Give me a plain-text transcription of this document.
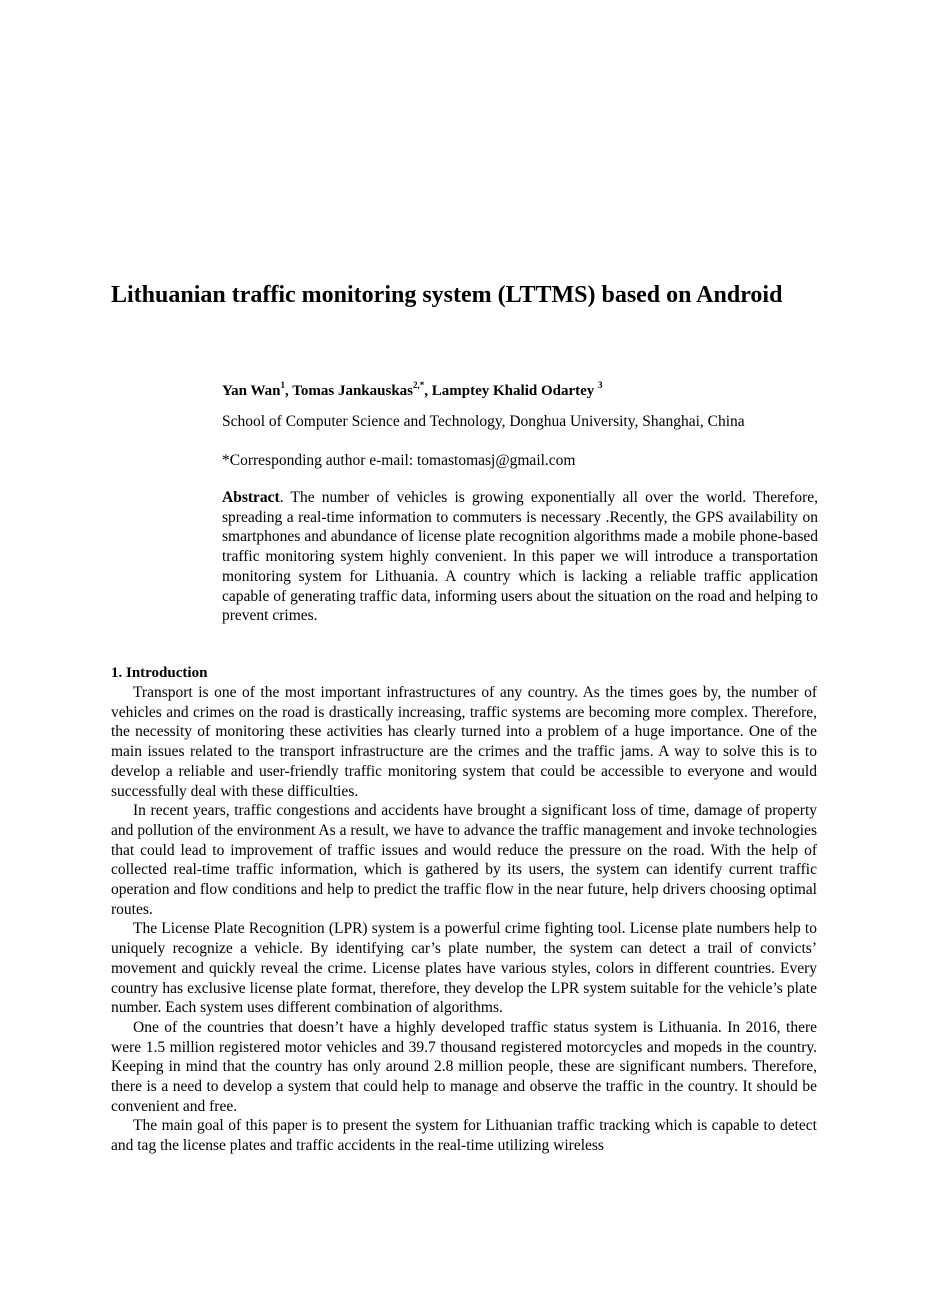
Lithuanian traffic monitoring system (LTTMS) based on Android
Yan Wan$^1$, Tomas Jankauskas$^{2,*}$, Lamptey Khalid Odartey $^3$
School of Computer Science and Technology, Donghua University, Shanghai, China
*Corresponding author e-mail: tomastomasj@gmail.com

Abstract. The number of vehicles is growing exponentially all over the world. Therefore, spreading a real-time information to commuters is necessary .Recently, the GPS availability on smartphones and abundance of license plate recognition algorithms made a mobile phone-based traffic monitoring system highly convenient. In this paper we will introduce a transportation monitoring system for Lithuania. A country which is lacking a reliable traffic application capable of generating traffic data, informing users about the situation on the road and helping to prevent crimes.

1. Introduction

Transport is one of the most important infrastructures of any country. As the times goes by, the number of vehicles and crimes on the road is drastically increasing, traffic systems are becoming more complex. Therefore, the necessity of monitoring these activities has clearly turned into a problem of a huge importance. One of the main issues related to the transport infrastructure are the crimes and the traffic jams. A way to solve this is to develop a reliable and user-friendly traffic monitoring system that could be accessible to everyone and would successfully deal with these difficulties.

In recent years, traffic congestions and accidents have brought a significant loss of time, damage of property and pollution of the environment As a result, we have to advance the traffic management and invoke technologies that could lead to improvement of traffic issues and would reduce the pressure on the road. With the help of collected real-time traffic information, which is gathered by its users, the system can identify current traffic operation and flow conditions and help to predict the traffic flow in the near future, help drivers choosing optimal routes.

The License Plate Recognition (LPR) system is a powerful crime fighting tool. License plate numbers help to uniquely recognize a vehicle. By identifying car’s plate number, the system can detect a trail of convicts’ movement and quickly reveal the crime. License plates have various styles, colors in different countries. Every country has exclusive license plate format, therefore, they develop the LPR system suitable for the vehicle’s plate number. Each system uses different combination of algorithms.

One of the countries that doesn’t have a highly developed traffic status system is Lithuania. In 2016, there were 1.5 million registered motor vehicles and 39.7 thousand registered motorcycles and mopeds in the country. Keeping in mind that the country has only around 2.8 million people, these are significant numbers. Therefore, there is a need to develop a system that could help to manage and observe the traffic in the country. It should be convenient and free.

The main goal of this paper is to present the system for Lithuanian traffic tracking which is capable to detect and tag the license plates and traffic accidents in the real-time utilizing wireless
